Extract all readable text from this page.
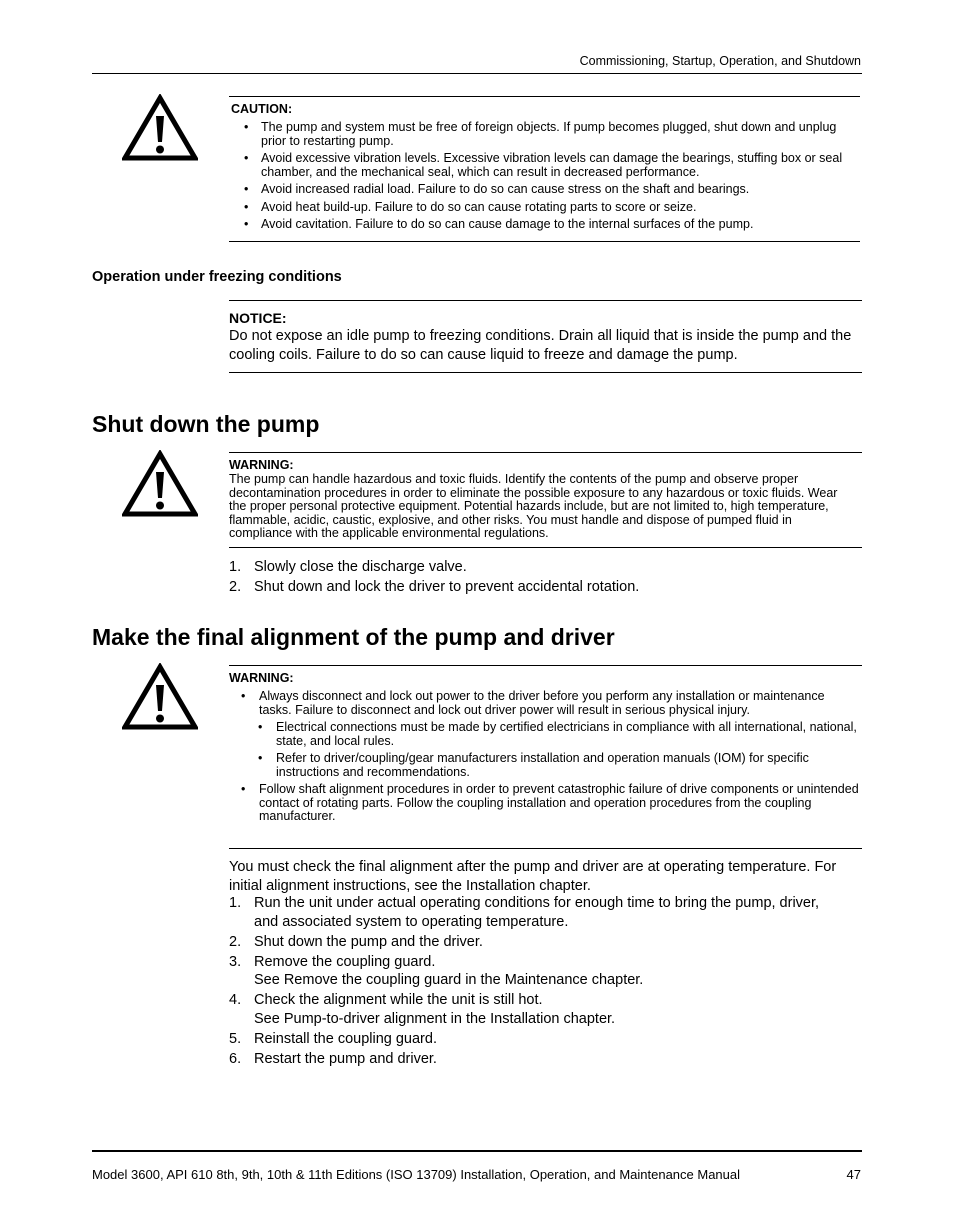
Commissioning, Startup, Operation, and Shutdown
CAUTION:
• The pump and system must be free of foreign objects. If pump becomes plugged, shut down and unplug prior to restarting pump.
• Avoid excessive vibration levels. Excessive vibration levels can damage the bearings, stuffing box or seal chamber, and the mechanical seal, which can result in decreased performance.
• Avoid increased radial load. Failure to do so can cause stress on the shaft and bearings.
• Avoid heat build-up. Failure to do so can cause rotating parts to score or seize.
• Avoid cavitation. Failure to do so can cause damage to the internal surfaces of the pump.
Operation under freezing conditions
NOTICE:
Do not expose an idle pump to freezing conditions. Drain all liquid that is inside the pump and the cooling coils. Failure to do so can cause liquid to freeze and damage the pump.
Shut down the pump
WARNING:
The pump can handle hazardous and toxic fluids. Identify the contents of the pump and observe proper decontamination procedures in order to eliminate the possible exposure to any hazardous or toxic fluids. Wear the proper personal protective equipment. Potential hazards include, but are not limited to, high temperature, flammable, acidic, caustic, explosive, and other risks. You must handle and dispose of pumped fluid in compliance with the applicable environmental regulations.
1. Slowly close the discharge valve.
2. Shut down and lock the driver to prevent accidental rotation.
Make the final alignment of the pump and driver
WARNING:
• Always disconnect and lock out power to the driver before you perform any installation or maintenance tasks. Failure to disconnect and lock out driver power will result in serious physical injury.
• Electrical connections must be made by certified electricians in compliance with all international, national, state, and local rules.
• Refer to driver/coupling/gear manufacturers installation and operation manuals (IOM) for specific instructions and recommendations.
• Follow shaft alignment procedures in order to prevent catastrophic failure of drive components or unintended contact of rotating parts. Follow the coupling installation and operation procedures from the coupling manufacturer.
You must check the final alignment after the pump and driver are at operating temperature. For initial alignment instructions, see the Installation chapter.
1. Run the unit under actual operating conditions for enough time to bring the pump, driver, and associated system to operating temperature.
2. Shut down the pump and the driver.
3. Remove the coupling guard.
See Remove the coupling guard in the Maintenance chapter.
4. Check the alignment while the unit is still hot.
See Pump-to-driver alignment in the Installation chapter.
5. Reinstall the coupling guard.
6. Restart the pump and driver.
Model 3600, API 610 8th, 9th, 10th & 11th Editions (ISO 13709) Installation, Operation, and Maintenance Manual	47
